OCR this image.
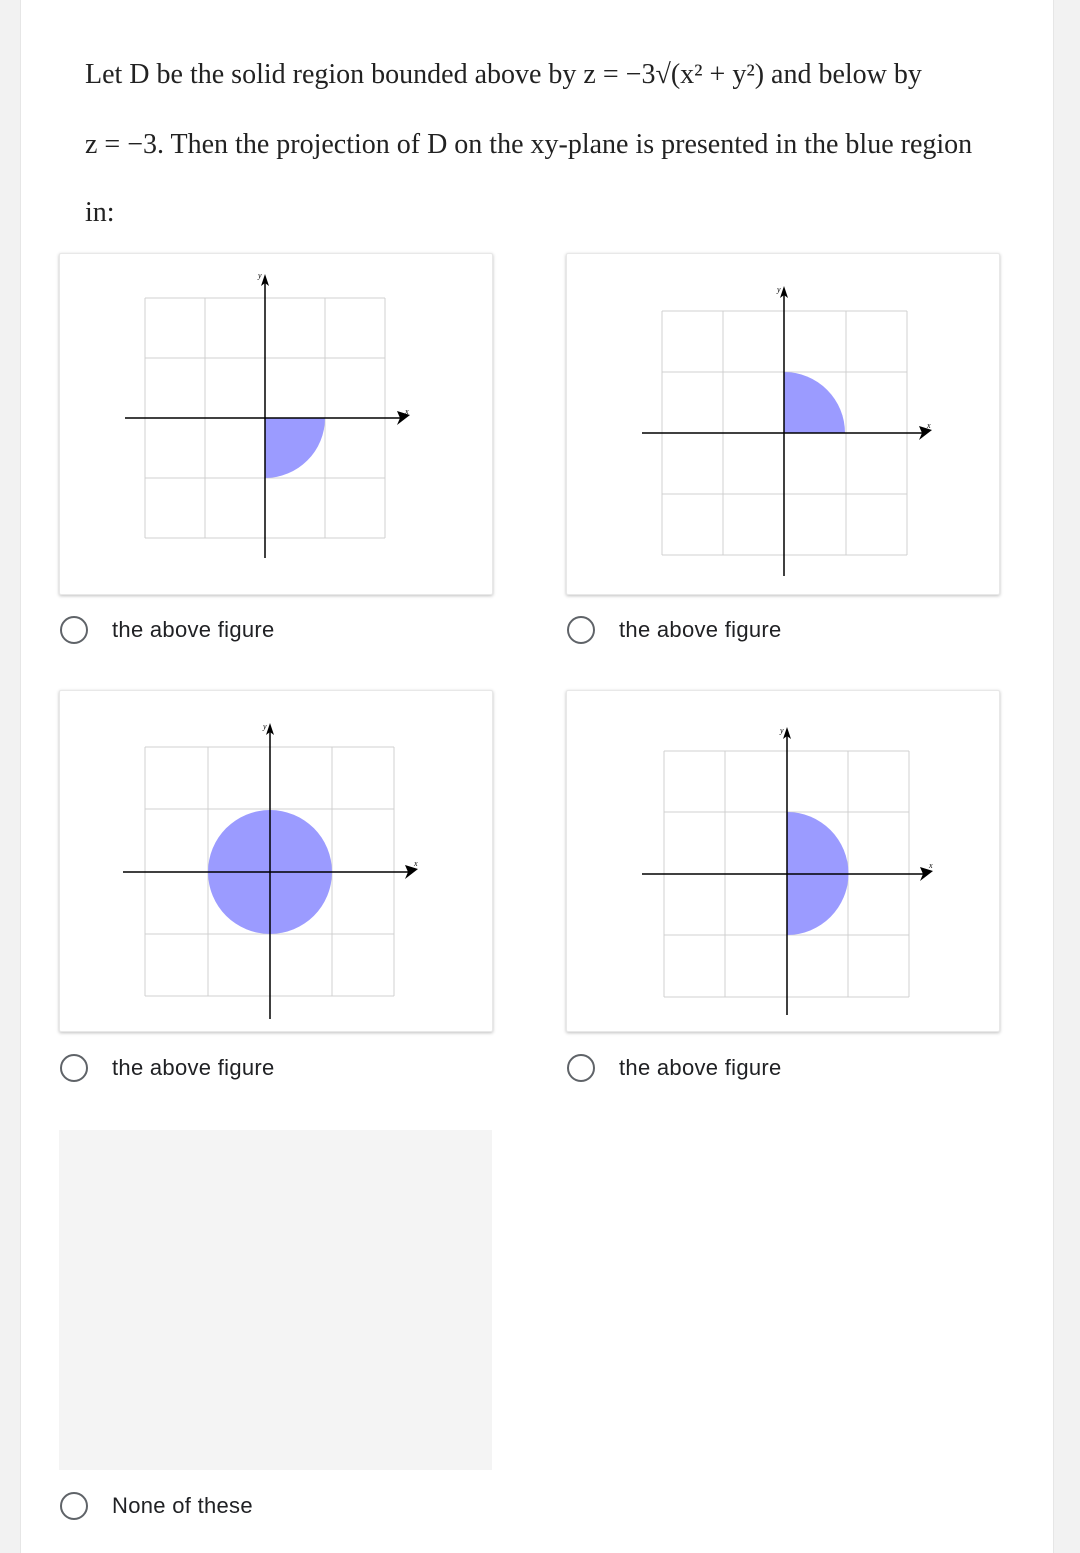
Let D be the solid region bounded above by z = −3√(x² + y²) and below by
z = −3. Then the projection of D on the xy-plane is presented in the blue region
in:
x
y
x
y
the above figure	the above figure
x
y
x
y
the above figure	the above figure
None of these
